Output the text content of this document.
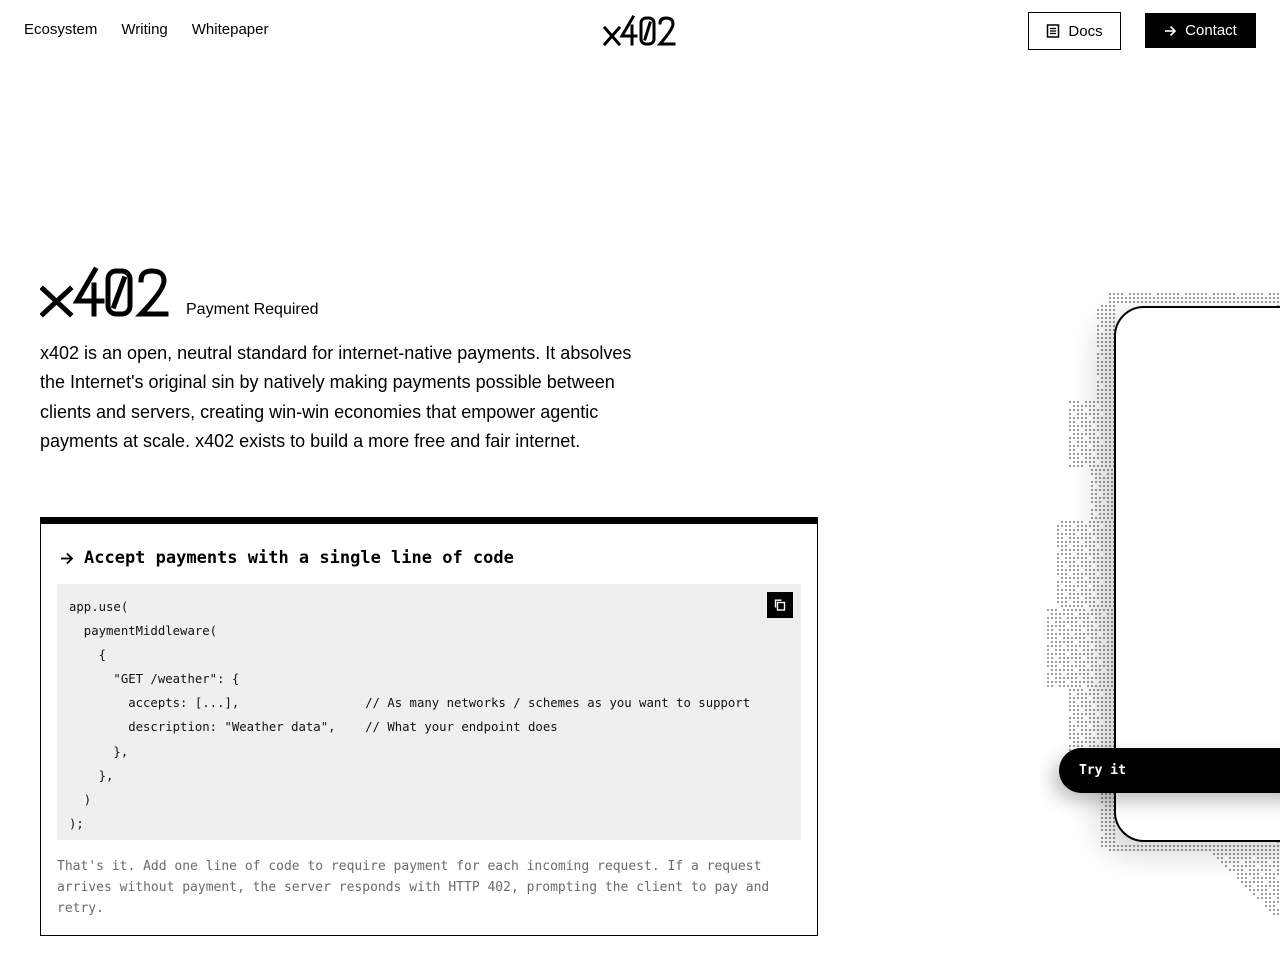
Ecosystem Writing Whitepaper	Docs	Contact
Payment Required

x402 is an open, neutral standard for internet-native payments. It absolves the Internet's original sin by natively making payments possible between clients and servers, creating win-win economies that empower agentic payments at scale. x402 exists to build a more free and fair internet.

Accept payments with a single line of code
app.use(
paymentMiddleware(
{
"GET /weather": {
accepts: [...],                 // As many networks / schemes as you want to support
description: "Weather data",    // What your endpoint does
},
},
)
);

That's it. Add one line of code to require payment for each incoming request. If a request arrives without payment, the server responds with HTTP 402, prompting the client to pay and retry.

Try it
